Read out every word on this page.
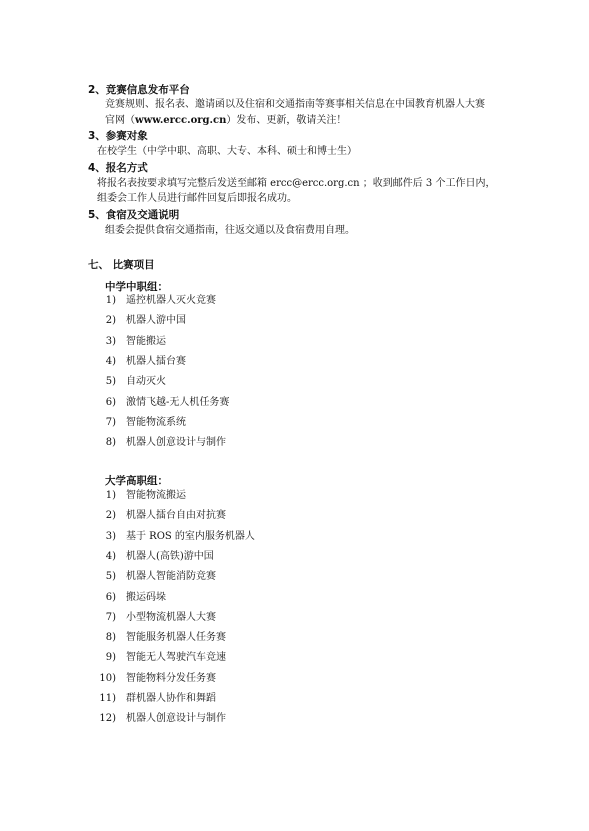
2、竞赛信息发布平台
竞赛规则、报名表、邀请函以及住宿和交通指南等赛事相关信息在中国教育机器人大赛
官网（www.ercc.org.cn）发布、更新，敬请关注！
3、参赛对象
在校学生（中学中职、高职、大专、本科、硕士和博士生）
4、报名方式
将报名表按要求填写完整后发送至邮箱 ercc@ercc.org.cn ；收到邮件后 3 个工作日内，
组委会工作人员进行邮件回复后即报名成功。
5、食宿及交通说明
组委会提供食宿交通指南，往返交通以及食宿费用自理。
七、 比赛项目
中学中职组：
1) 遥控机器人灭火竞赛
2) 机器人游中国
3) 智能搬运
4) 机器人擂台赛
5) 自动灭火
6) 激情飞越-无人机任务赛
7) 智能物流系统
8) 机器人创意设计与制作
大学高职组：
1) 智能物流搬运
2) 机器人擂台自由对抗赛
3) 基于 ROS 的室内服务机器人
4) 机器人(高铁)游中国
5) 机器人智能消防竞赛
6) 搬运码垛
7) 小型物流机器人大赛
8) 智能服务机器人任务赛
9) 智能无人驾驶汽车竞速
10) 智能物料分发任务赛
11) 群机器人协作和舞蹈
12) 机器人创意设计与制作
